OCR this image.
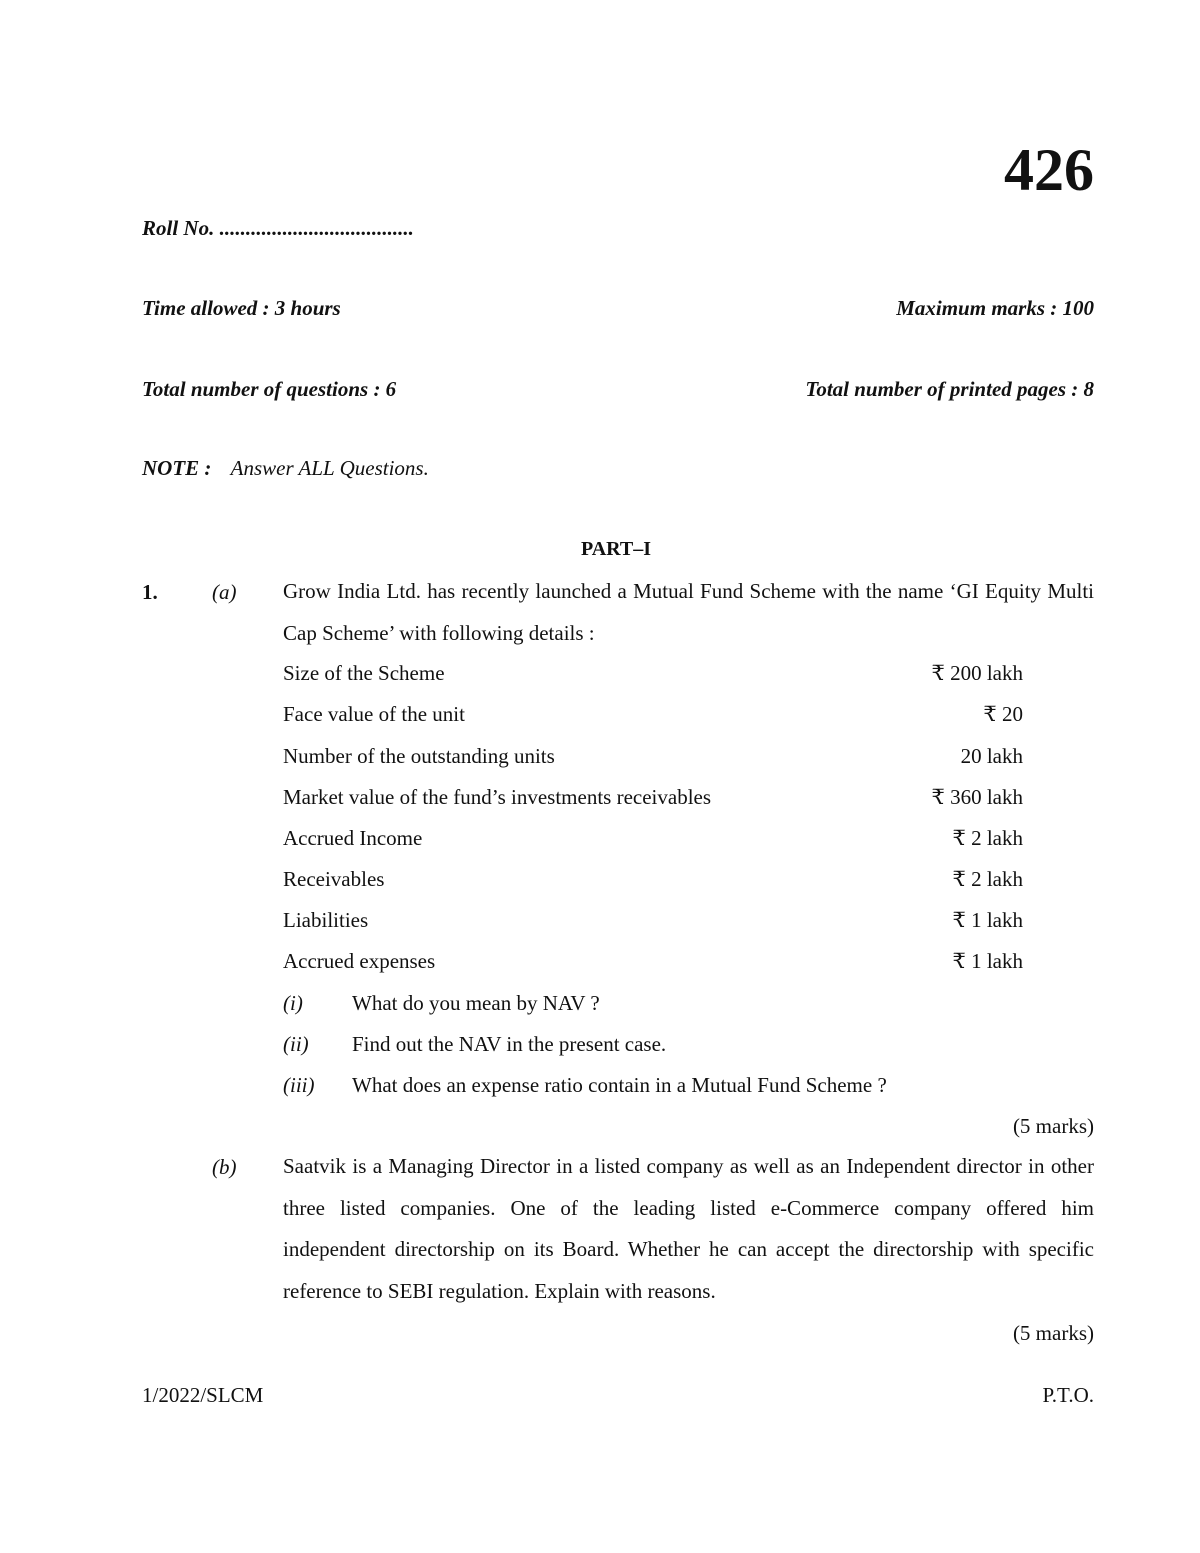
426
Roll No. .....................................
Time allowed : 3 hours	Maximum marks : 100
Total number of questions : 6	Total number of printed pages : 8
NOTE : Answer ALL Questions.
PART–I
1.	(a) Grow India Ltd. has recently launched a Mutual Fund Scheme with the name ‘GI Equity Multi Cap Scheme’ with following details :
Size of the Scheme	₹ 200 lakh
Face value of the unit	₹ 20
Number of the outstanding units	20 lakh
Market value of the fund’s investments receivables	₹ 360 lakh
Accrued Income	₹ 2 lakh
Receivables	₹ 2 lakh
Liabilities	₹ 1 lakh
Accrued expenses	₹ 1 lakh
(i) What do you mean by NAV ?
(ii) Find out the NAV in the present case.
(iii) What does an expense ratio contain in a Mutual Fund Scheme ?
(5 marks)
(b) Saatvik is a Managing Director in a listed company as well as an Independent director in other three listed companies. One of the leading listed e-Commerce company offered him independent directorship on its Board. Whether he can accept the directorship with specific reference to SEBI regulation. Explain with reasons.
(5 marks)
1/2022/SLCM	P.T.O.
